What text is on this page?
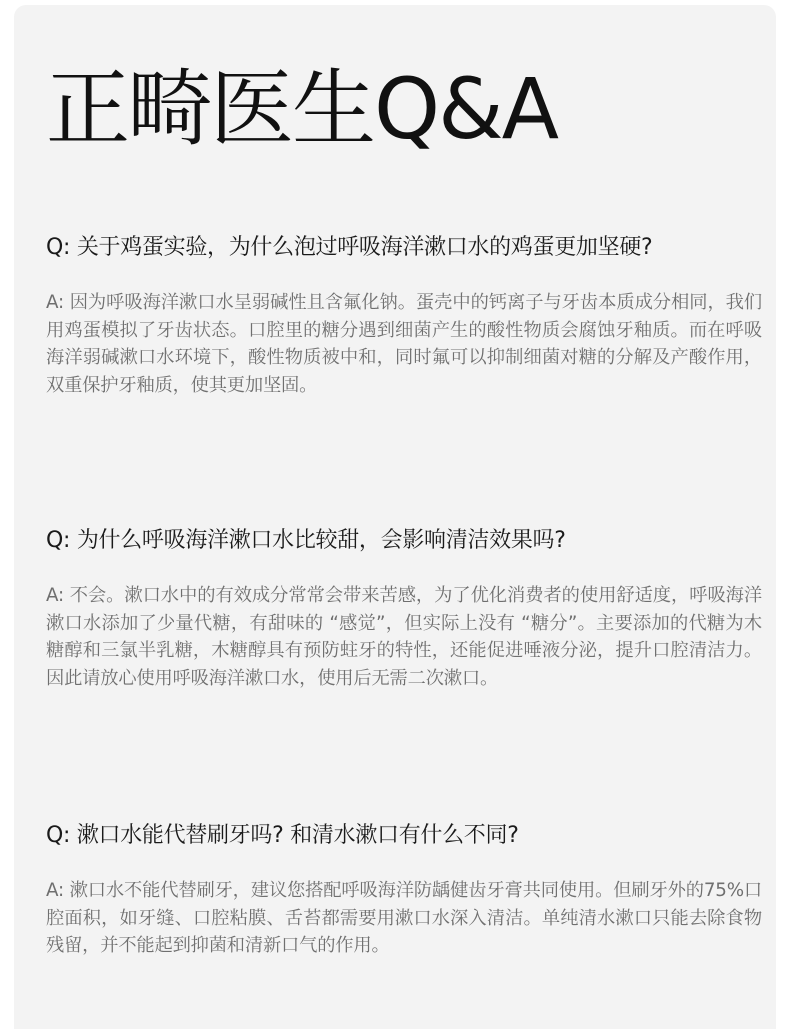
正畸医生Q&A

Q: 关于鸡蛋实验，为什么泡过呼吸海洋漱口水的鸡蛋更加坚硬?

A: 因为呼吸海洋漱口水呈弱碱性且含氟化钠。蛋壳中的钙离子与牙齿本质成分相同，我们用鸡蛋模拟了牙齿状态。口腔里的糖分遇到细菌产生的酸性物质会腐蚀牙釉质。而在呼吸海洋弱碱漱口水环境下，酸性物质被中和，同时氟可以抑制细菌对糖的分解及产酸作用，双重保护牙釉质，使其更加坚固。

Q: 为什么呼吸海洋漱口水比较甜，会影响清洁效果吗?

A: 不会。漱口水中的有效成分常常会带来苦感，为了优化消费者的使用舒适度，呼吸海洋漱口水添加了少量代糖，有甜味的 “感觉”，但实际上没有 “糖分”。主要添加的代糖为木糖醇和三氯半乳糖，木糖醇具有预防蛀牙的特性，还能促进唾液分泌，提升口腔清洁力。因此请放心使用呼吸海洋漱口水，使用后无需二次漱口。

Q: 漱口水能代替刷牙吗? 和清水漱口有什么不同?

A: 漱口水不能代替刷牙，建议您搭配呼吸海洋防龋健齿牙膏共同使用。但刷牙外的75%口腔面积，如牙缝、口腔粘膜、舌苔都需要用漱口水深入清洁。单纯清水漱口只能去除食物残留，并不能起到抑菌和清新口气的作用。
